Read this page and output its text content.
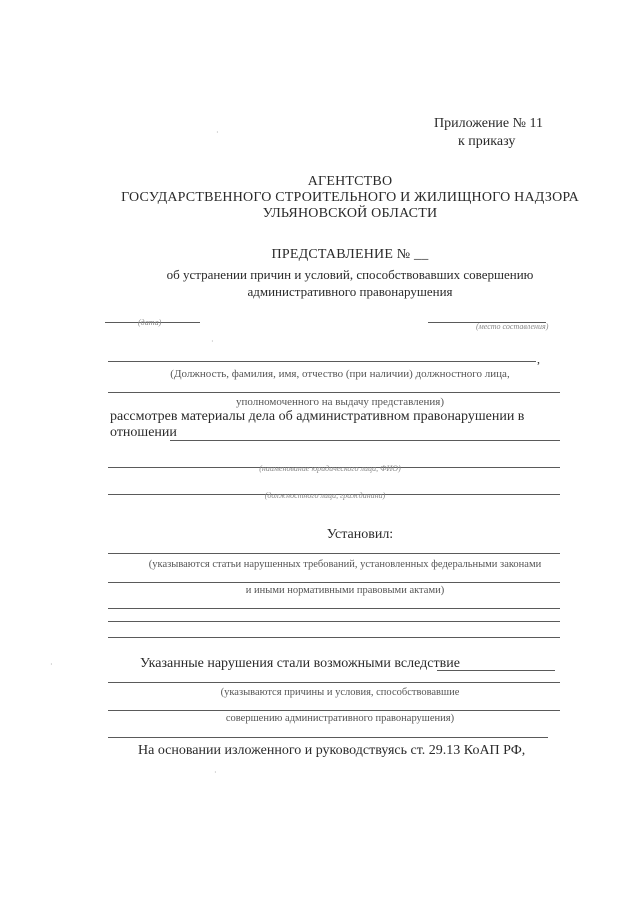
Приложение № 11
к приказу
АГЕНТСТВО
ГОСУДАРСТВЕННОГО СТРОИТЕЛЬНОГО И ЖИЛИЩНОГО НАДЗОРА
УЛЬЯНОВСКОЙ ОБЛАСТИ
ПРЕДСТАВЛЕНИЕ № __
об устранении причин и условий, способствовавших совершению
административного правонарушения
(дата)	(место составления)
,
(Должность, фамилия, имя, отчество (при наличии) должностного лица,
уполномоченного на выдачу представления)
рассмотрев материалы дела об административном правонарушении в
отношении
(наименование юридического лица, ФИО)
(должностного лица, гражданина)
Установил:
(указываются статьи нарушенных требований, установленных федеральными законами
и иными нормативными правовыми актами)
Указанные нарушения стали возможными вследствие
(указываются причины и условия, способствовавшие
совершению административного правонарушения)
На основании изложенного и руководствуясь ст. 29.13 КоАП РФ,
·
·
·
·
